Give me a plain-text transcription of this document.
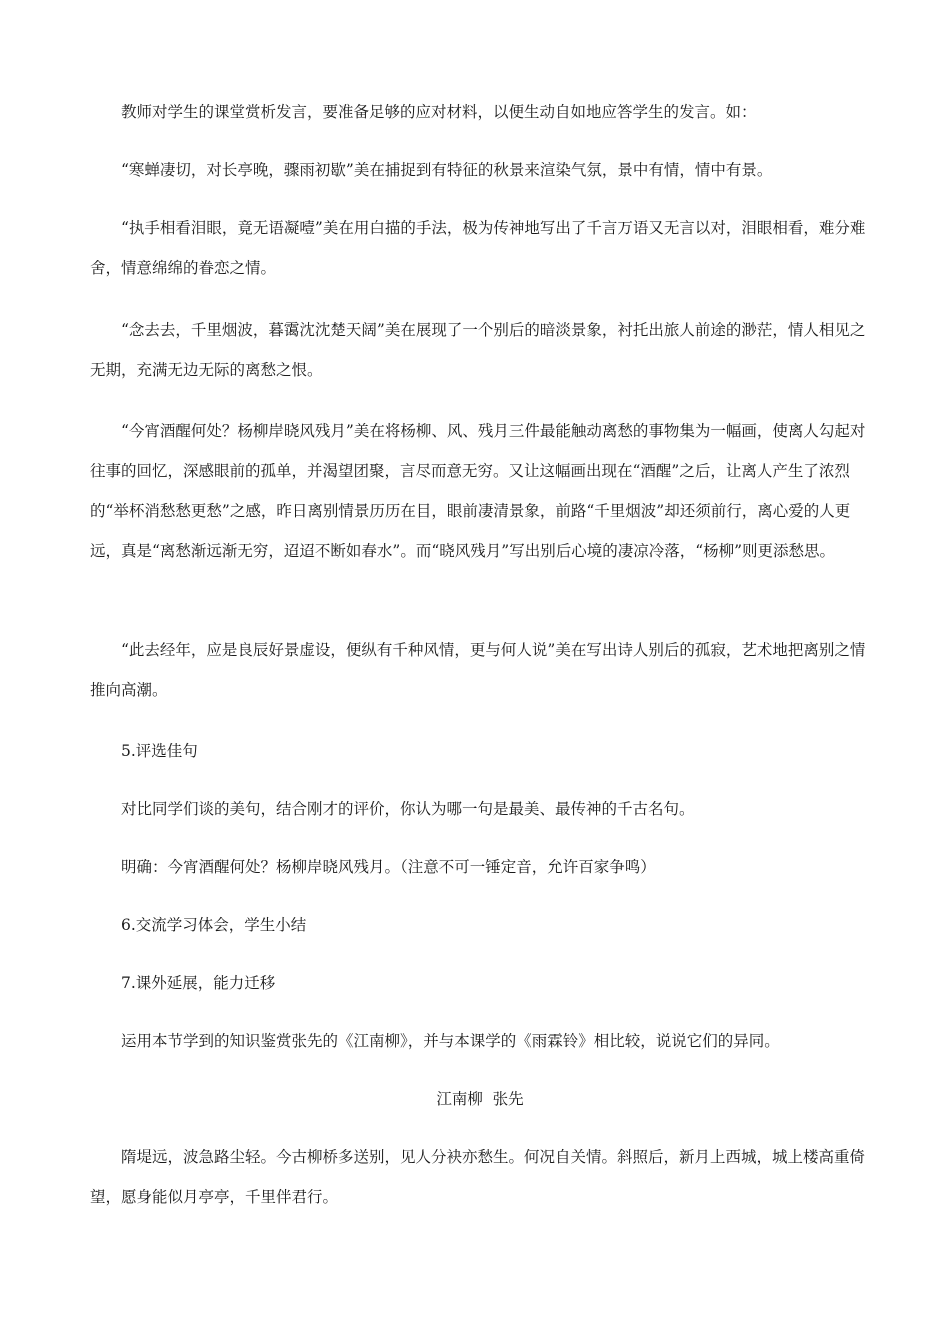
教师对学生的课堂赏析发言，要准备足够的应对材料，以便生动自如地应答学生的发言。如：

“寒蝉凄切，对长亭晚，骤雨初歇”美在捕捉到有特征的秋景来渲染气氛，景中有情，情中有景。

“执手相看泪眼，竟无语凝噎”美在用白描的手法，极为传神地写出了千言万语又无言以对，泪眼相看，难分难舍，情意绵绵的眷恋之情。

“念去去，千里烟波，暮霭沈沈楚天阔”美在展现了一个别后的暗淡景象，衬托出旅人前途的渺茫，情人相见之无期，充满无边无际的离愁之恨。

“今宵酒醒何处？杨柳岸晓风残月”美在将杨柳、风、残月三件最能触动离愁的事物集为一幅画，使离人勾起对往事的回忆，深感眼前的孤单，并渴望团聚，言尽而意无穷。又让这幅画出现在“酒醒”之后，让离人产生了浓烈的“举杯消愁愁更愁”之感，昨日离别情景历历在目，眼前凄清景象，前路“千里烟波”却还须前行，离心爱的人更远，真是“离愁渐远渐无穷，迢迢不断如春水”。而“晓风残月”写出别后心境的凄凉冷落，“杨柳”则更添愁思。

“此去经年，应是良辰好景虚设，便纵有千种风情，更与何人说”美在写出诗人别后的孤寂，艺术地把离别之情推向高潮。

5.评选佳句

对比同学们谈的美句，结合刚才的评价，你认为哪一句是最美、最传神的千古名句。

明确：今宵酒醒何处？杨柳岸晓风残月。（注意不可一锤定音，允许百家争鸣）

6.交流学习体会，学生小结

7.课外延展，能力迁移

运用本节学到的知识鉴赏张先的《江南柳》，并与本课学的《雨霖铃》相比较，说说它们的异同。

江南柳  张先

隋堤远，波急路尘轻。今古柳桥多送别，见人分袂亦愁生。何况自关情。斜照后，新月上西城，城上楼高重倚望，愿身能似月亭亭，千里伴君行。
